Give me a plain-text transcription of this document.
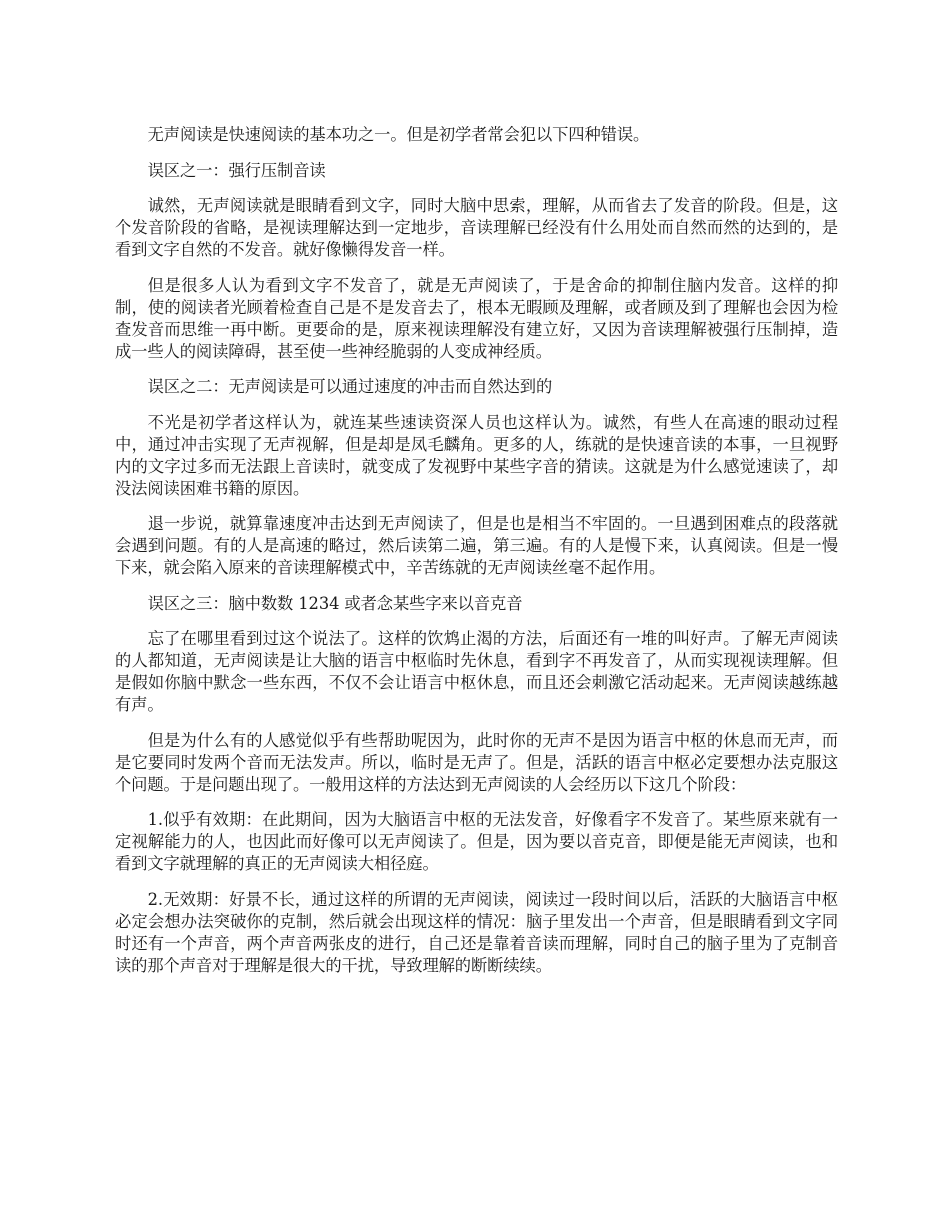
无声阅读是快速阅读的基本功之一。但是初学者常会犯以下四种错误。

误区之一：强行压制音读

诚然，无声阅读就是眼睛看到文字，同时大脑中思索，理解，从而省去了发音的阶段。但是，这个发音阶段的省略，是视读理解达到一定地步，音读理解已经没有什么用处而自然而然的达到的，是看到文字自然的不发音。就好像懒得发音一样。

但是很多人认为看到文字不发音了，就是无声阅读了，于是舍命的抑制住脑内发音。这样的抑制，使的阅读者光顾着检查自己是不是发音去了，根本无暇顾及理解，或者顾及到了理解也会因为检查发音而思维一再中断。更要命的是，原来视读理解没有建立好，又因为音读理解被强行压制掉，造成一些人的阅读障碍，甚至使一些神经脆弱的人变成神经质。

误区之二：无声阅读是可以通过速度的冲击而自然达到的

不光是初学者这样认为，就连某些速读资深人员也这样认为。诚然，有些人在高速的眼动过程中，通过冲击实现了无声视解，但是却是凤毛麟角。更多的人，练就的是快速音读的本事，一旦视野内的文字过多而无法跟上音读时，就变成了发视野中某些字音的猜读。这就是为什么感觉速读了，却没法阅读困难书籍的原因。

退一步说，就算靠速度冲击达到无声阅读了，但是也是相当不牢固的。一旦遇到困难点的段落就会遇到问题。有的人是高速的略过，然后读第二遍，第三遍。有的人是慢下来，认真阅读。但是一慢下来，就会陷入原来的音读理解模式中，辛苦练就的无声阅读丝毫不起作用。

误区之三：脑中数数 1234 或者念某些字来以音克音

忘了在哪里看到过这个说法了。这样的饮鸩止渴的方法，后面还有一堆的叫好声。了解无声阅读的人都知道，无声阅读是让大脑的语言中枢临时先休息，看到字不再发音了，从而实现视读理解。但是假如你脑中默念一些东西，不仅不会让语言中枢休息，而且还会刺激它活动起来。无声阅读越练越有声。

但是为什么有的人感觉似乎有些帮助呢因为，此时你的无声不是因为语言中枢的休息而无声，而是它要同时发两个音而无法发声。所以，临时是无声了。但是，活跃的语言中枢必定要想办法克服这个问题。于是问题出现了。一般用这样的方法达到无声阅读的人会经历以下这几个阶段：

1.似乎有效期：在此期间，因为大脑语言中枢的无法发音，好像看字不发音了。某些原来就有一定视解能力的人，也因此而好像可以无声阅读了。但是，因为要以音克音，即便是能无声阅读，也和看到文字就理解的真正的无声阅读大相径庭。

2.无效期：好景不长，通过这样的所谓的无声阅读，阅读过一段时间以后，活跃的大脑语言中枢必定会想办法突破你的克制，然后就会出现这样的情况：脑子里发出一个声音，但是眼睛看到文字同时还有一个声音，两个声音两张皮的进行，自己还是靠着音读而理解，同时自己的脑子里为了克制音读的那个声音对于理解是很大的干扰，导致理解的断断续续。
